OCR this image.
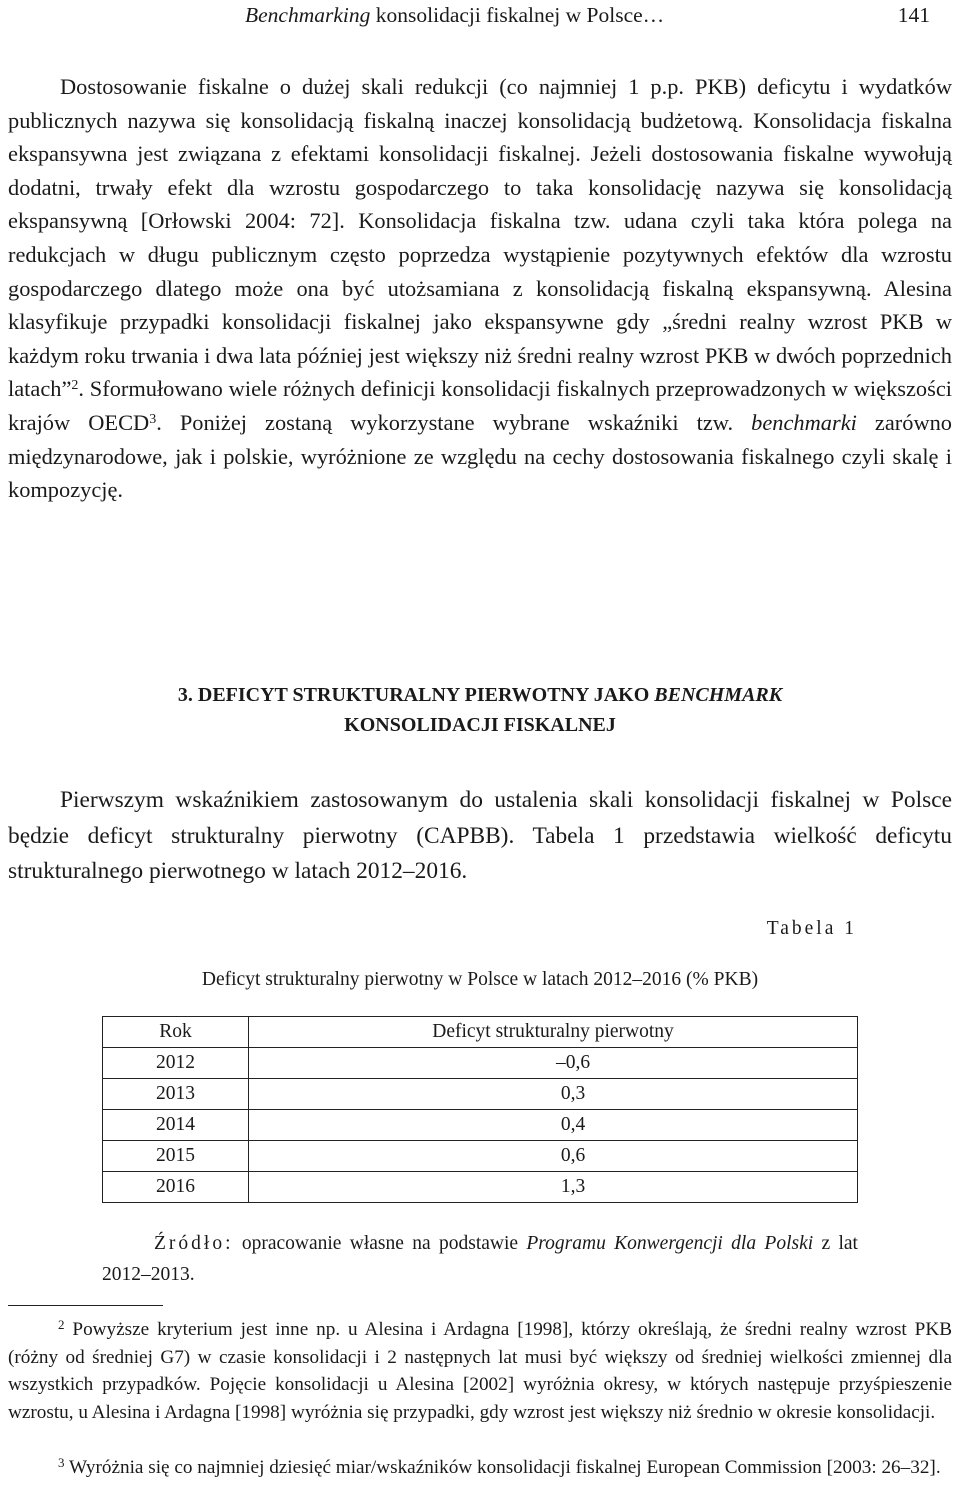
Benchmarking konsolidacji fiskalnej w Polsce…	141

Dostosowanie fiskalne o dużej skali redukcji (co najmniej 1 p.p. PKB) deficytu i wydatków publicznych nazywa się konsolidacją fiskalną inaczej konsolidacją budżetową. Konsolidacja fiskalna ekspansywna jest związana z efektami konsolidacji fiskalnej. Jeżeli dostosowania fiskalne wywołują dodatni, trwały efekt dla wzrostu gospodarczego to taka konsolidację nazywa się konsolidacją ekspansywną [Orłowski 2004: 72]. Konsolidacja fiskalna tzw. udana czyli taka która polega na redukcjach w długu publicznym często poprzedza wystąpienie pozytywnych efektów dla wzrostu gospodarczego dlatego może ona być utożsamiana z konsolidacją fiskalną ekspansywną. Alesina klasyfikuje przypadki konsolidacji fiskalnej jako ekspansywne gdy „średni realny wzrost PKB w każdym roku trwania i dwa lata później jest większy niż średni realny wzrost PKB w dwóch poprzednich latach”$^2$. Sformułowano wiele różnych definicji konsolidacji fiskalnych przeprowadzonych w większości krajów OECD$^3$. Poniżej zostaną wykorzystane wybrane wskaźniki tzw. benchmarki zarówno międzynarodowe, jak i polskie, wyróżnione ze względu na cechy dostosowania fiskalnego czyli skalę i kompozycję.

3. DEFICYT STRUKTURALNY PIERWOTNY JAKO BENCHMARK
KONSOLIDACJI FISKALNEJ

Pierwszym wskaźnikiem zastosowanym do ustalenia skali konsolidacji fiskalnej w Polsce będzie deficyt strukturalny pierwotny (CAPBB). Tabela 1 przedstawia wielkość deficytu strukturalnego pierwotnego w latach 2012–2016.

Tabela 1
Deficyt strukturalny pierwotny w Polsce w latach 2012–2016 (% PKB)
Rok	Deficyt strukturalny pierwotny
2012	–0,6
2013	0,3
2014	0,4
2015	0,6
2016	1,3
Źródło: opracowanie własne na podstawie Programu Konwergencji dla Polski z lat 2012–2013.

$^2$ Powyższe kryterium jest inne np. u Alesina i Ardagna [1998], którzy określają, że średni realny wzrost PKB (różny od średniej G7) w czasie konsolidacji i 2 następnych lat musi być większy od średniej wielkości zmiennej dla wszystkich przypadków. Pojęcie konsolidacji u Alesina [2002] wyróżnia okresy, w których następuje przyśpieszenie wzrostu, u Alesina i Ardagna [1998] wyróżnia się przypadki, gdy wzrost jest większy niż średnio w okresie konsolidacji.

$^3$ Wyróżnia się co najmniej dziesięć miar/wskaźników konsolidacji fiskalnej European Commission [2003: 26–32].
